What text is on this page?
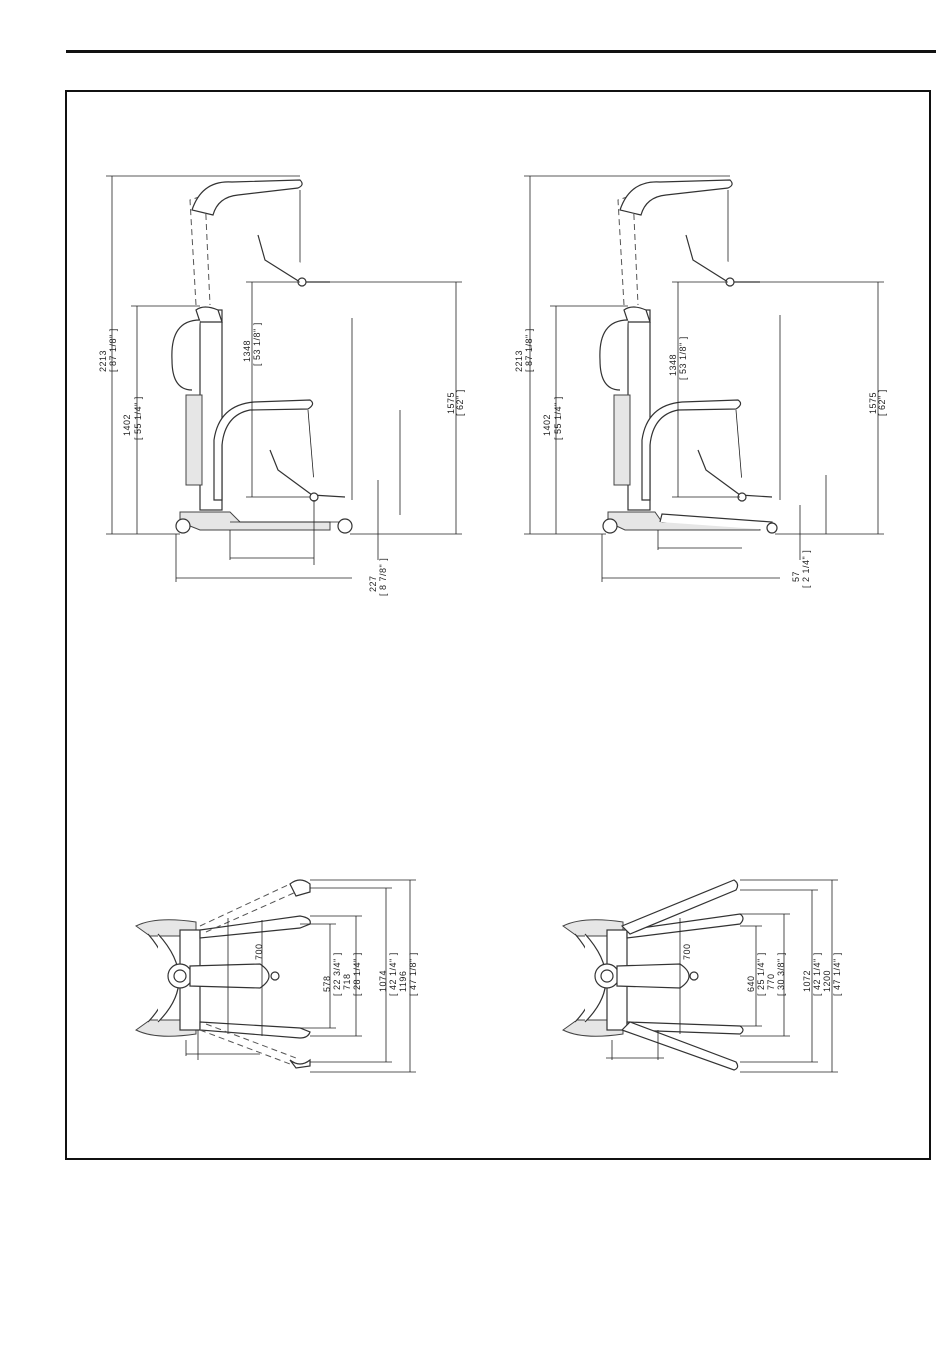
2213 [ 87 1/8" ]
1402 [ 55 1/4" ]
1348 [ 53 1/8" ]
1575 [ 62" ]
227 [ 8 7/8" ]
2213 [ 87 1/8" ]
1402 [ 55 1/4" ]
1348 [ 53 1/8" ]
1575 [ 62" ]
57 [ 2 1/4" ]
700
578 [ 22 3/4" ] 718 [ 28 1/4" ] 1074 [ 42 1/4" ] 1196 [ 47 1/8" ]
700
640 [ 25 1/4" ] 770 [ 30 3/8" ] 1072 [ 42 1/4" ] 1200 [ 47 1/4" ]
